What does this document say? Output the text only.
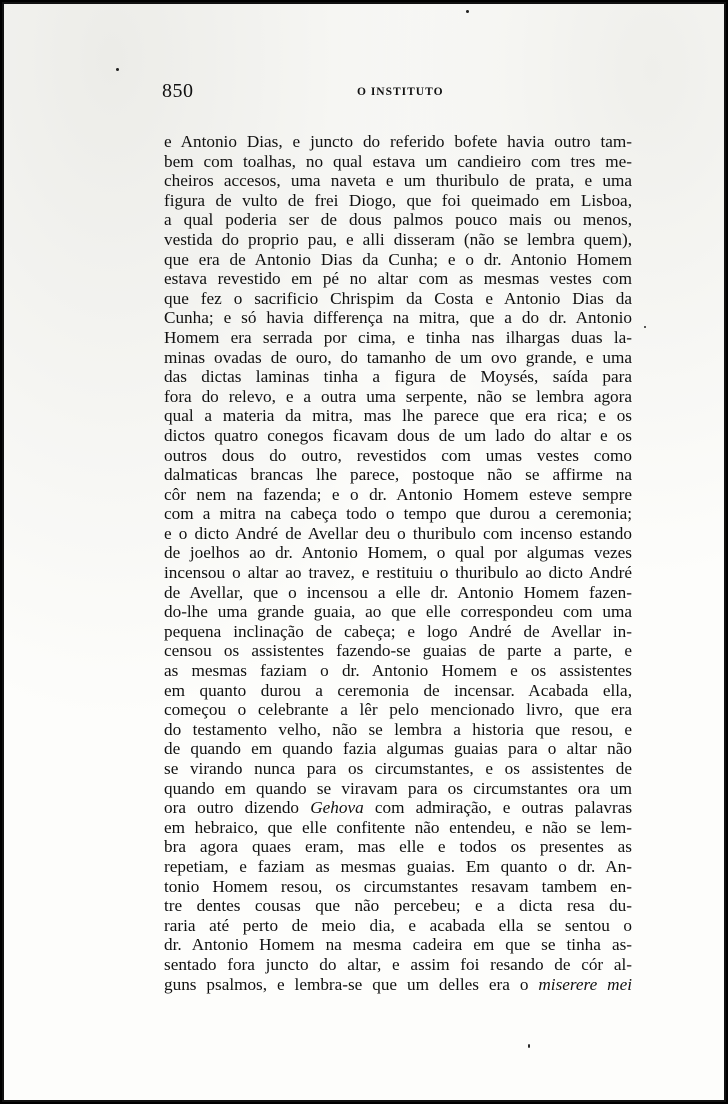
850	O INSTITUTO
e Antonio Dias, e juncto do referido bofete havia outro tam-
bem com toalhas, no qual estava um candieiro com tres me-
cheiros accesos, uma naveta e um thuribulo de prata, e uma
figura de vulto de frei Diogo, que foi queimado em Lisboa,
a qual poderia ser de dous palmos pouco mais ou menos,
vestida do proprio pau, e alli disseram (não se lembra quem),
que era de Antonio Dias da Cunha; e o dr. Antonio Homem
estava revestido em pé no altar com as mesmas vestes com
que fez o sacrificio Chrispim da Costa e Antonio Dias da
Cunha; e só havia differença na mitra, que a do dr. Antonio
Homem era serrada por cima, e tinha nas ilhargas duas la-
minas ovadas de ouro, do tamanho de um ovo grande, e uma
das dictas laminas tinha a figura de Moysés, saída para
fora do relevo, e a outra uma serpente, não se lembra agora
qual a materia da mitra, mas lhe parece que era rica; e os
dictos quatro conegos ficavam dous de um lado do altar e os
outros dous do outro, revestidos com umas vestes como
dalmaticas brancas lhe parece, postoque não se affirme na
côr nem na fazenda; e o dr. Antonio Homem esteve sempre
com a mitra na cabeça todo o tempo que durou a ceremonia;
e o dicto André de Avellar deu o thuribulo com incenso estando
de joelhos ao dr. Antonio Homem, o qual por algumas vezes
incensou o altar ao travez, e restituiu o thuribulo ao dicto André
de Avellar, que o incensou a elle dr. Antonio Homem fazen-
do-lhe uma grande guaia, ao que elle correspondeu com uma
pequena inclinação de cabeça; e logo André de Avellar in-
censou os assistentes fazendo-se guaias de parte a parte, e
as mesmas faziam o dr. Antonio Homem e os assistentes
em quanto durou a ceremonia de incensar. Acabada ella,
começou o celebrante a lêr pelo mencionado livro, que era
do testamento velho, não se lembra a historia que resou, e
de quando em quando fazia algumas guaias para o altar não
se virando nunca para os circumstantes, e os assistentes de
quando em quando se viravam para os circumstantes ora um
ora outro dizendo Gehova com admiração, e outras palavras
em hebraico, que elle confitente não entendeu, e não se lem-
bra agora quaes eram, mas elle e todos os presentes as
repetiam, e faziam as mesmas guaias. Em quanto o dr. An-
tonio Homem resou, os circumstantes resavam tambem en-
tre dentes cousas que não percebeu; e a dicta resa du-
raria até perto de meio dia, e acabada ella se sentou o
dr. Antonio Homem na mesma cadeira em que se tinha as-
sentado fora juncto do altar, e assim foi resando de cór al-
guns psalmos, e lembra-se que um delles era o miserere mei
